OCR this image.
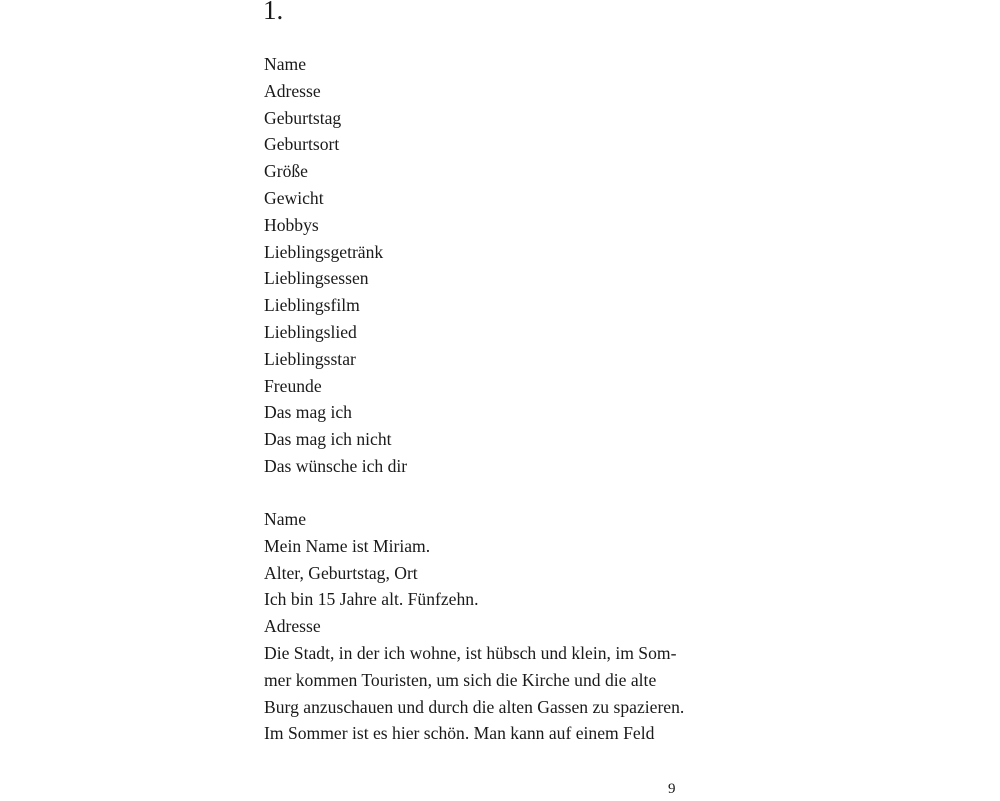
1.
Name
Adresse
Geburtstag
Geburtsort
Größe
Gewicht
Hobbys
Lieblingsgetränk
Lieblingsessen
Lieblingsfilm
Lieblingslied
Lieblingsstar
Freunde
Das mag ich
Das mag ich nicht
Das wünsche ich dir
Name
Mein Name ist Miriam.
Alter, Geburtstag, Ort
Ich bin 15 Jahre alt. Fünfzehn.
Adresse
Die Stadt, in der ich wohne, ist hübsch und klein, im Som-
mer kommen Touristen, um sich die Kirche und die alte
Burg anzuschauen und durch die alten Gassen zu spazieren.
Im Sommer ist es hier schön. Man kann auf einem Feld

9
